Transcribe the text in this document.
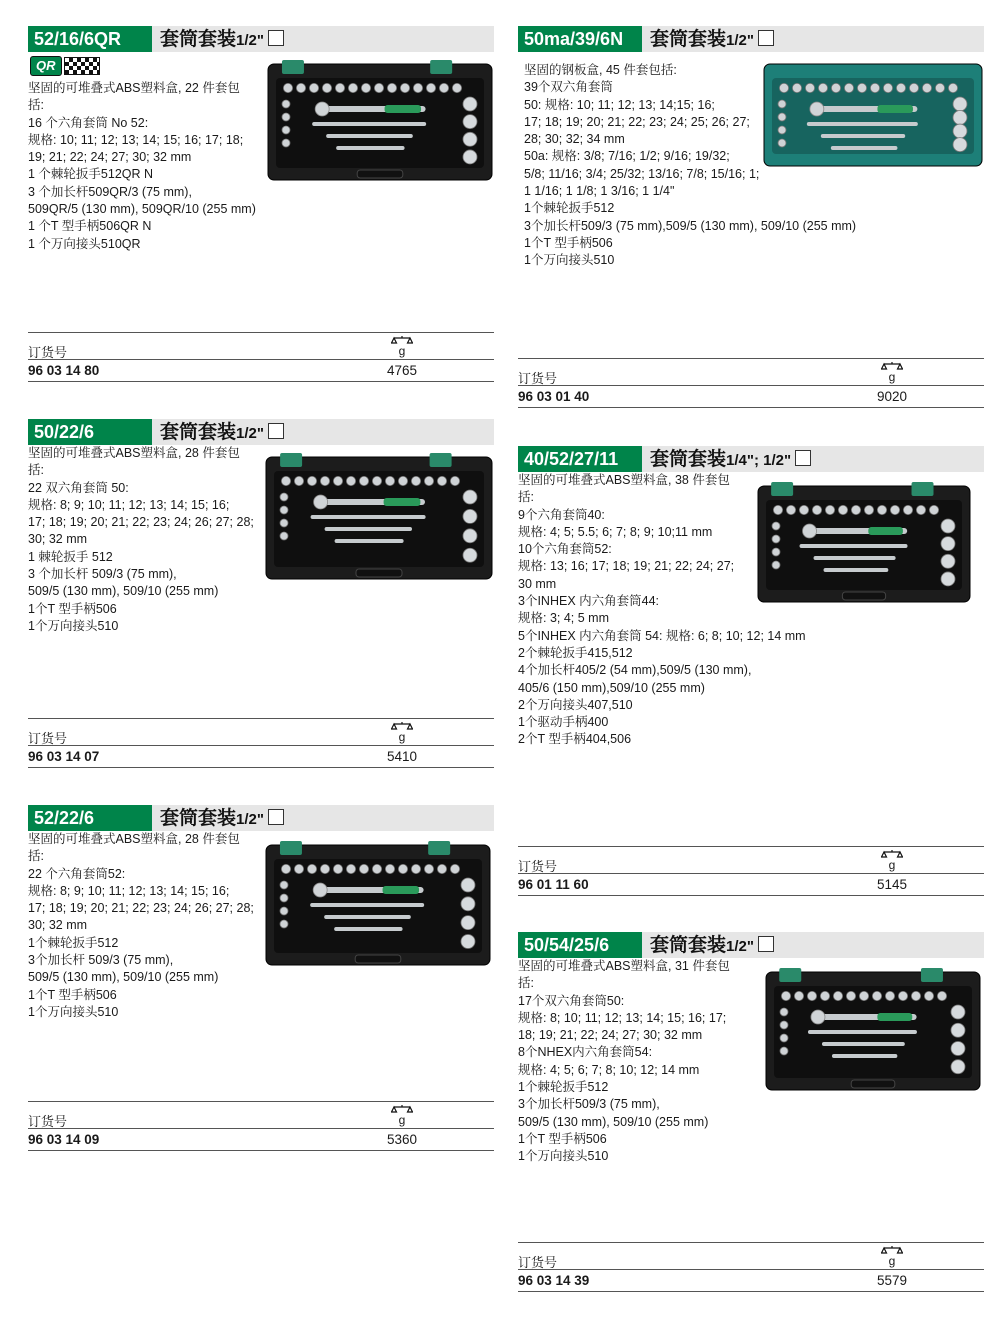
52/16/6QR	套筒套装1/2"
QR
坚固的可堆叠式ABS塑料盒, 22 件套包
括:
16 个六角套筒 No 52:
规格: 10; 11; 12; 13; 14; 15; 16; 17; 18;
19; 21; 22; 24; 27; 30; 32 mm
1 个棘轮扳手512QR N
3 个加长杆509QR/3 (75 mm),
509QR/5 (130 mm), 509QR/10 (255 mm)
1 个T 型手柄506QR N
1 个万向接头510QR
g
订货号
96 03 14 80	4765
50ma/39/6N	套筒套装1/2"
坚固的钢板盒, 45 件套包括:
39个双六角套筒
50: 规格: 10; 11; 12; 13; 14;15; 16;
17; 18; 19; 20; 21; 22; 23; 24; 25; 26; 27;
28; 30; 32; 34 mm
50a: 规格: 3/8; 7/16; 1/2; 9/16; 19/32;
5/8; 11/16; 3/4; 25/32; 13/16; 7/8; 15/16; 1;
1 1/16; 1 1/8; 1 3/16; 1 1/4"
1个棘轮扳手512
3个加长杆509/3 (75 mm),509/5 (130 mm), 509/10 (255 mm)
1个T 型手柄506
1个万向接头510
g
订货号
96 03 01 40	9020
50/22/6	套筒套装1/2"
坚固的可堆叠式ABS塑料盒, 28 件套包
括:
22 双六角套筒 50:
规格: 8; 9; 10; 11; 12; 13; 14; 15; 16;
17; 18; 19; 20; 21; 22; 23; 24; 26; 27; 28;
30; 32 mm
1 棘轮扳手 512
3 个加长杆 509/3 (75 mm),
509/5 (130 mm), 509/10 (255 mm)
1个T 型手柄506
1个万向接头510
g
订货号
96 03 14 07	5410
40/52/27/11	套筒套装1/4"; 1/2"
坚固的可堆叠式ABS塑料盒, 38 件套包
括:
9个六角套筒40:
规格: 4; 5; 5.5; 6; 7; 8; 9; 10;11 mm
10个六角套筒52:
规格: 13; 16; 17; 18; 19; 21; 22; 24; 27;
30 mm
3个INHEX 内六角套筒44:
规格: 3; 4; 5 mm
5个INHEX 内六角套筒 54: 规格: 6; 8; 10; 12; 14 mm
2个棘轮扳手415,512
4个加长杆405/2 (54 mm),509/5 (130 mm),
405/6 (150 mm),509/10 (255 mm)
2个万向接头407,510
1个驱动手柄400
2个T 型手柄404,506
g
订货号
96 01 11 60	5145
52/22/6	套筒套装1/2"
坚固的可堆叠式ABS塑料盒, 28 件套包
括:
22 个六角套筒52:
规格: 8; 9; 10; 11; 12; 13; 14; 15; 16;
17; 18; 19; 20; 21; 22; 23; 24; 26; 27; 28;
30; 32 mm
1个棘轮扳手512
3个加长杆 509/3 (75 mm),
509/5 (130 mm), 509/10 (255 mm)
1个T 型手柄506
1个万向接头510
g
订货号
96 03 14 09	5360
50/54/25/6	套筒套装1/2"
坚固的可堆叠式ABS塑料盒, 31 件套包
括:
17个双六角套筒50:
规格: 8; 10; 11; 12; 13; 14; 15; 16; 17;
18; 19; 21; 22; 24; 27; 30; 32 mm
8个NHEX内六角套筒54:
规格: 4; 5; 6; 7; 8; 10; 12; 14 mm
1个棘轮扳手512
3个加长杆509/3 (75 mm),
509/5 (130 mm), 509/10 (255 mm)
1个T 型手柄506
1个万向接头510
g
订货号
96 03 14 39	5579
